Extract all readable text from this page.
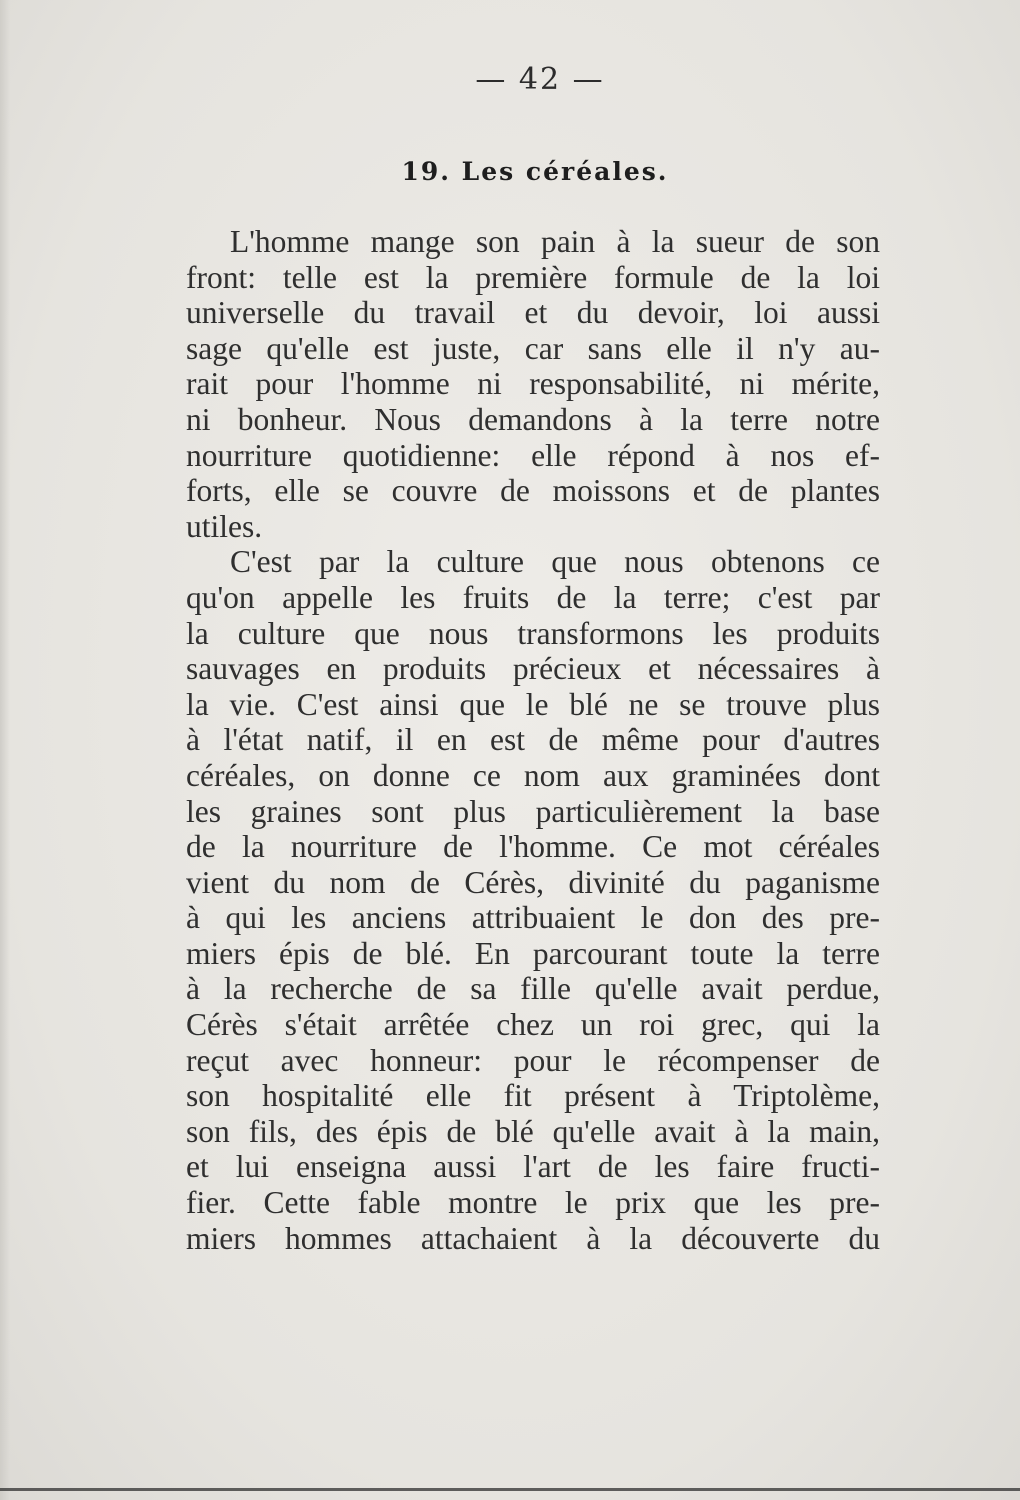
— 42 —
19. Les céréales.
L'homme mange son pain à la sueur de son
front: telle est la première formule de la loi
universelle du travail et du devoir, loi aussi
sage qu'elle est juste, car sans elle il n'y au-
rait pour l'homme ni responsabilité, ni mérite,
ni bonheur. Nous demandons à la terre notre
nourriture quotidienne: elle répond à nos ef-
forts, elle se couvre de moissons et de plantes
utiles.
C'est par la culture que nous obtenons ce
qu'on appelle les fruits de la terre; c'est par
la culture que nous transformons les produits
sauvages en produits précieux et nécessaires à
la vie. C'est ainsi que le blé ne se trouve plus
à l'état natif, il en est de même pour d'autres
céréales, on donne ce nom aux graminées dont
les graines sont plus particulièrement la base
de la nourriture de l'homme. Ce mot céréales
vient du nom de Cérès, divinité du paganisme
à qui les anciens attribuaient le don des pre-
miers épis de blé. En parcourant toute la terre
à la recherche de sa fille qu'elle avait perdue,
Cérès s'était arrêtée chez un roi grec, qui la
reçut avec honneur: pour le récompenser de
son hospitalité elle fit présent à Triptolème,
son fils, des épis de blé qu'elle avait à la main,
et lui enseigna aussi l'art de les faire fructi-
fier. Cette fable montre le prix que les pre-
miers hommes attachaient à la découverte du
